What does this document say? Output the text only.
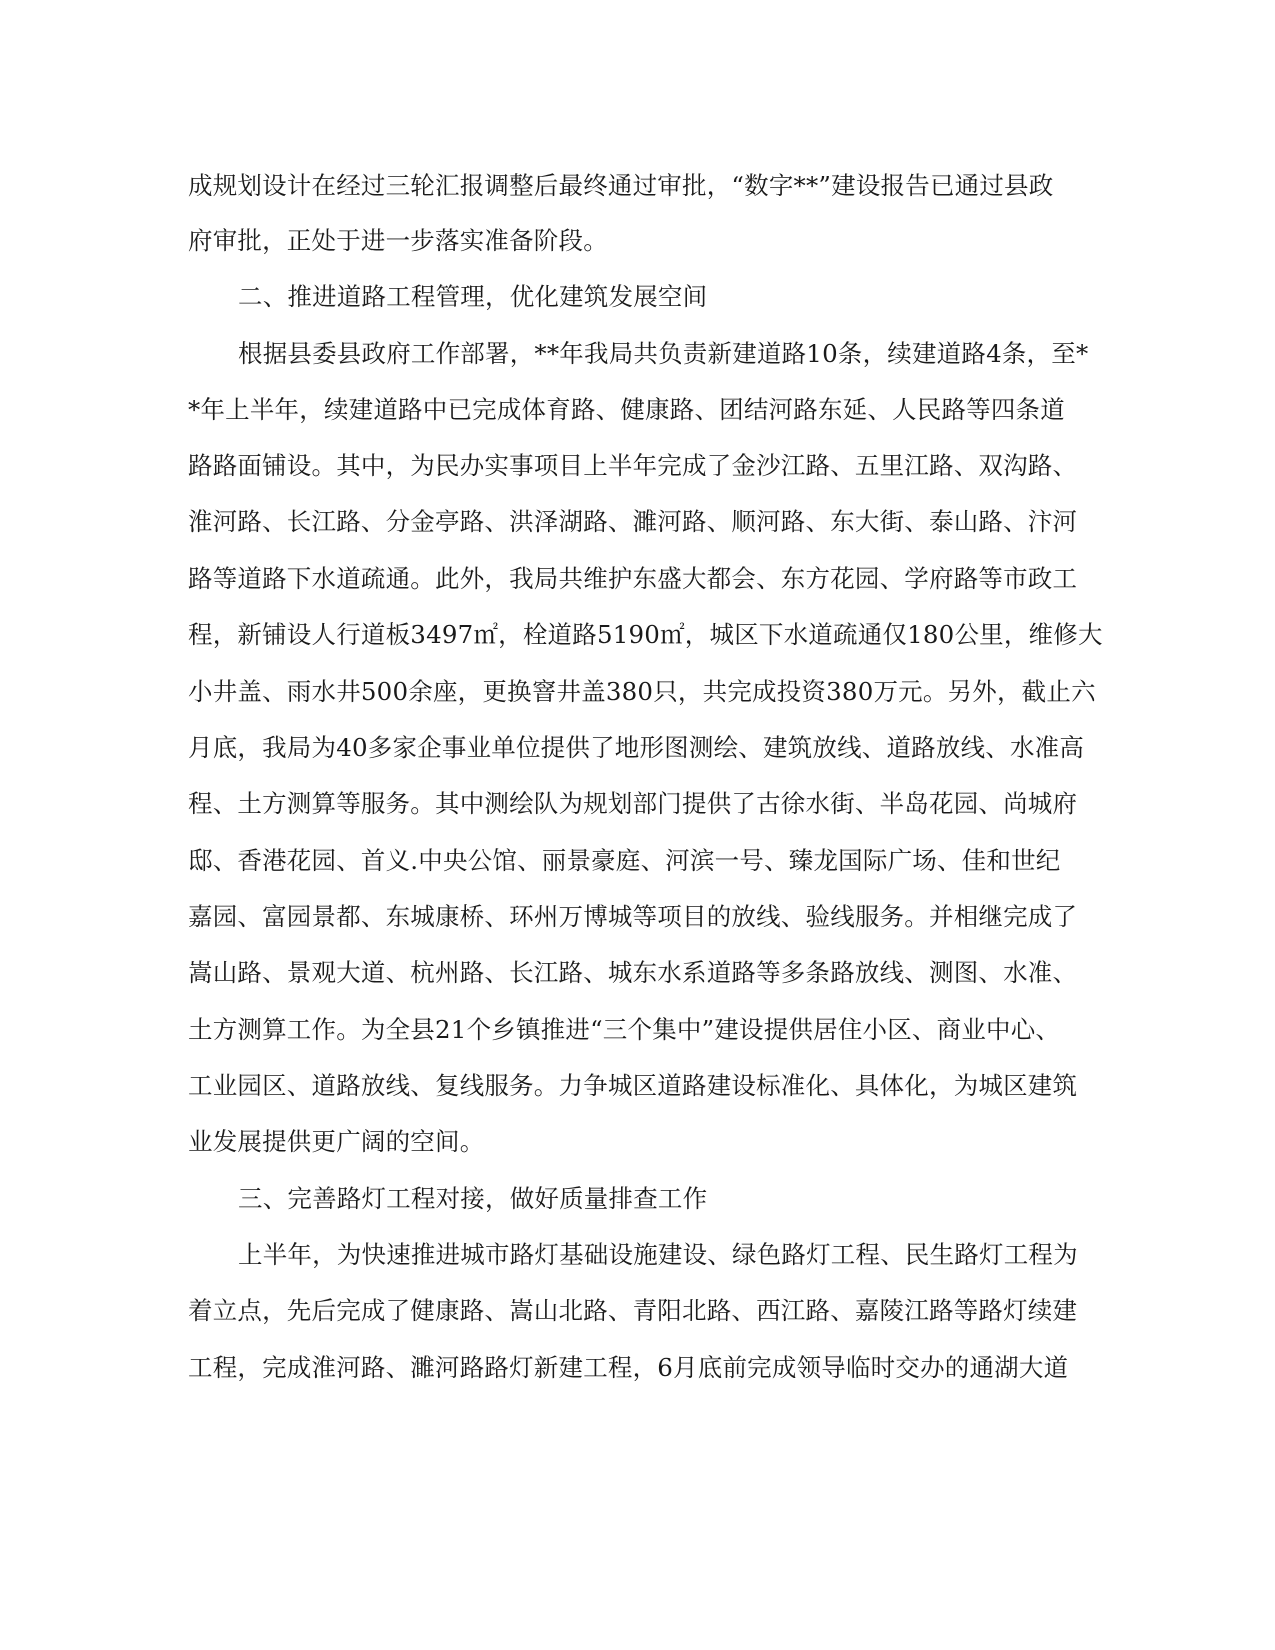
成规划设计在经过三轮汇报调整后最终通过审批，“数字**”建设报告已通过县政
府审批，正处于进一步落实准备阶段。
二、推进道路工程管理，优化建筑发展空间
根据县委县政府工作部署，**年我局共负责新建道路10条，续建道路4条，至*
*年上半年，续建道路中已完成体育路、健康路、团结河路东延、人民路等四条道
路路面铺设。其中，为民办实事项目上半年完成了金沙江路、五里江路、双沟路、
淮河路、长江路、分金亭路、洪泽湖路、濉河路、顺河路、东大街、泰山路、汴河
路等道路下水道疏通。此外，我局共维护东盛大都会、东方花园、学府路等市政工
程，新铺设人行道板3497㎡，栓道路5190㎡，城区下水道疏通仅180公里，维修大
小井盖、雨水井500余座，更换窨井盖380只，共完成投资380万元。另外，截止六
月底，我局为40多家企事业单位提供了地形图测绘、建筑放线、道路放线、水准高
程、土方测算等服务。其中测绘队为规划部门提供了古徐水街、半岛花园、尚城府
邸、香港花园、首义.中央公馆、丽景豪庭、河滨一号、臻龙国际广场、佳和世纪
嘉园、富园景都、东城康桥、环州万博城等项目的放线、验线服务。并相继完成了
嵩山路、景观大道、杭州路、长江路、城东水系道路等多条路放线、测图、水准、
土方测算工作。为全县21个乡镇推进“三个集中”建设提供居住小区、商业中心、
工业园区、道路放线、复线服务。力争城区道路建设标准化、具体化，为城区建筑
业发展提供更广阔的空间。
三、完善路灯工程对接，做好质量排查工作
上半年，为快速推进城市路灯基础设施建设、绿色路灯工程、民生路灯工程为
着立点，先后完成了健康路、嵩山北路、青阳北路、西江路、嘉陵江路等路灯续建
工程，完成淮河路、濉河路路灯新建工程，6月底前完成领导临时交办的通湖大道
